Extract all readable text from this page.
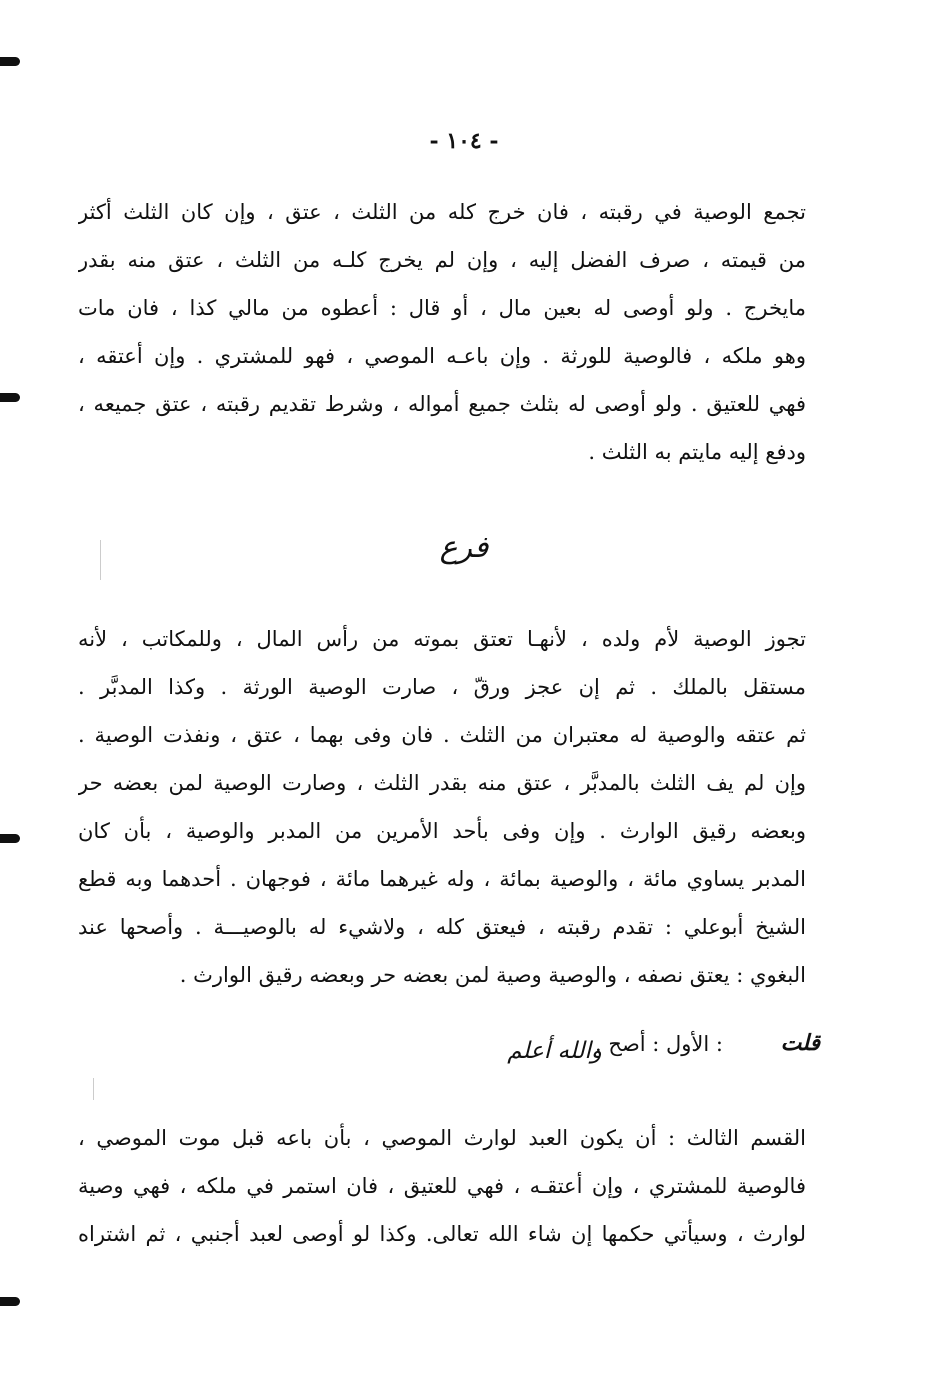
- ١٠٤ -
تجمع الوصية في رقبته ، فان خرج كله من الثلث ، عتق ، وإن كان الثلث أكثر
من قيمته ، صرف الفضل إليه ، وإن لم يخرج كلـه من الثلث ، عتق منه بقدر
مايخرج . ولو أوصى له بعين مال ، أو قال : أعطوه من مالي كذا ، فان مات
وهو ملكه ، فالوصية للورثة . وإن باعـه الموصي ، فهو للمشتري . وإن أعتقه ،
فهي للعتيق . ولو أوصى له بثلث جميع أمواله ، وشرط تقديم رقبته ، عتق جميعه ،
ودفع إليه مايتم به الثلث .
فرع
تجوز الوصية لأم ولده ، لأنهـا تعتق بموته من رأس المال ، وللمكاتب ، لأنه
مستقل بالملك . ثم إن عجز ورقّ ، صارت الوصية الورثة . وكذا المدبَّر .
ثم عتقه والوصية له معتبران من الثلث . فان وفى بهما ، عتق ، ونفذت الوصية .
وإن لم يف الثلث بالمدبَّر ، عتق منه بقدر الثلث ، وصارت الوصية لمن بعضه حر
وبعضه رقيق الوارث . وإن وفى بأحد الأمرين من المدبر والوصية ، بأن كان
المدبر يساوي مائة ، والوصية بمائة ، وله غيرهما مائة ، فوجهان . أحدهما وبه قطع
الشيخ أبوعلي : تقدم رقبته ، فيعتق كله ، ولاشيء له بالوصيـــة . وأصحها عند
البغوي : يعتق نصفه ، والوصية وصية لمن بعضه حر وبعضه رقيق الوارث .
قلت
: الأول : أصح .
والله أعلم
القسم الثالث : أن يكون العبد لوارث الموصي ، بأن باعه قبل موت الموصي ،
فالوصية للمشتري ، وإن أعتقـه ، فهي للعتيق ، فان استمر في ملكه ، فهي وصية
لوارث ، وسيأتي حكمها إن شاء الله تعالى. وكذا لو أوصى لعبد أجنبي ، ثم اشتراه
